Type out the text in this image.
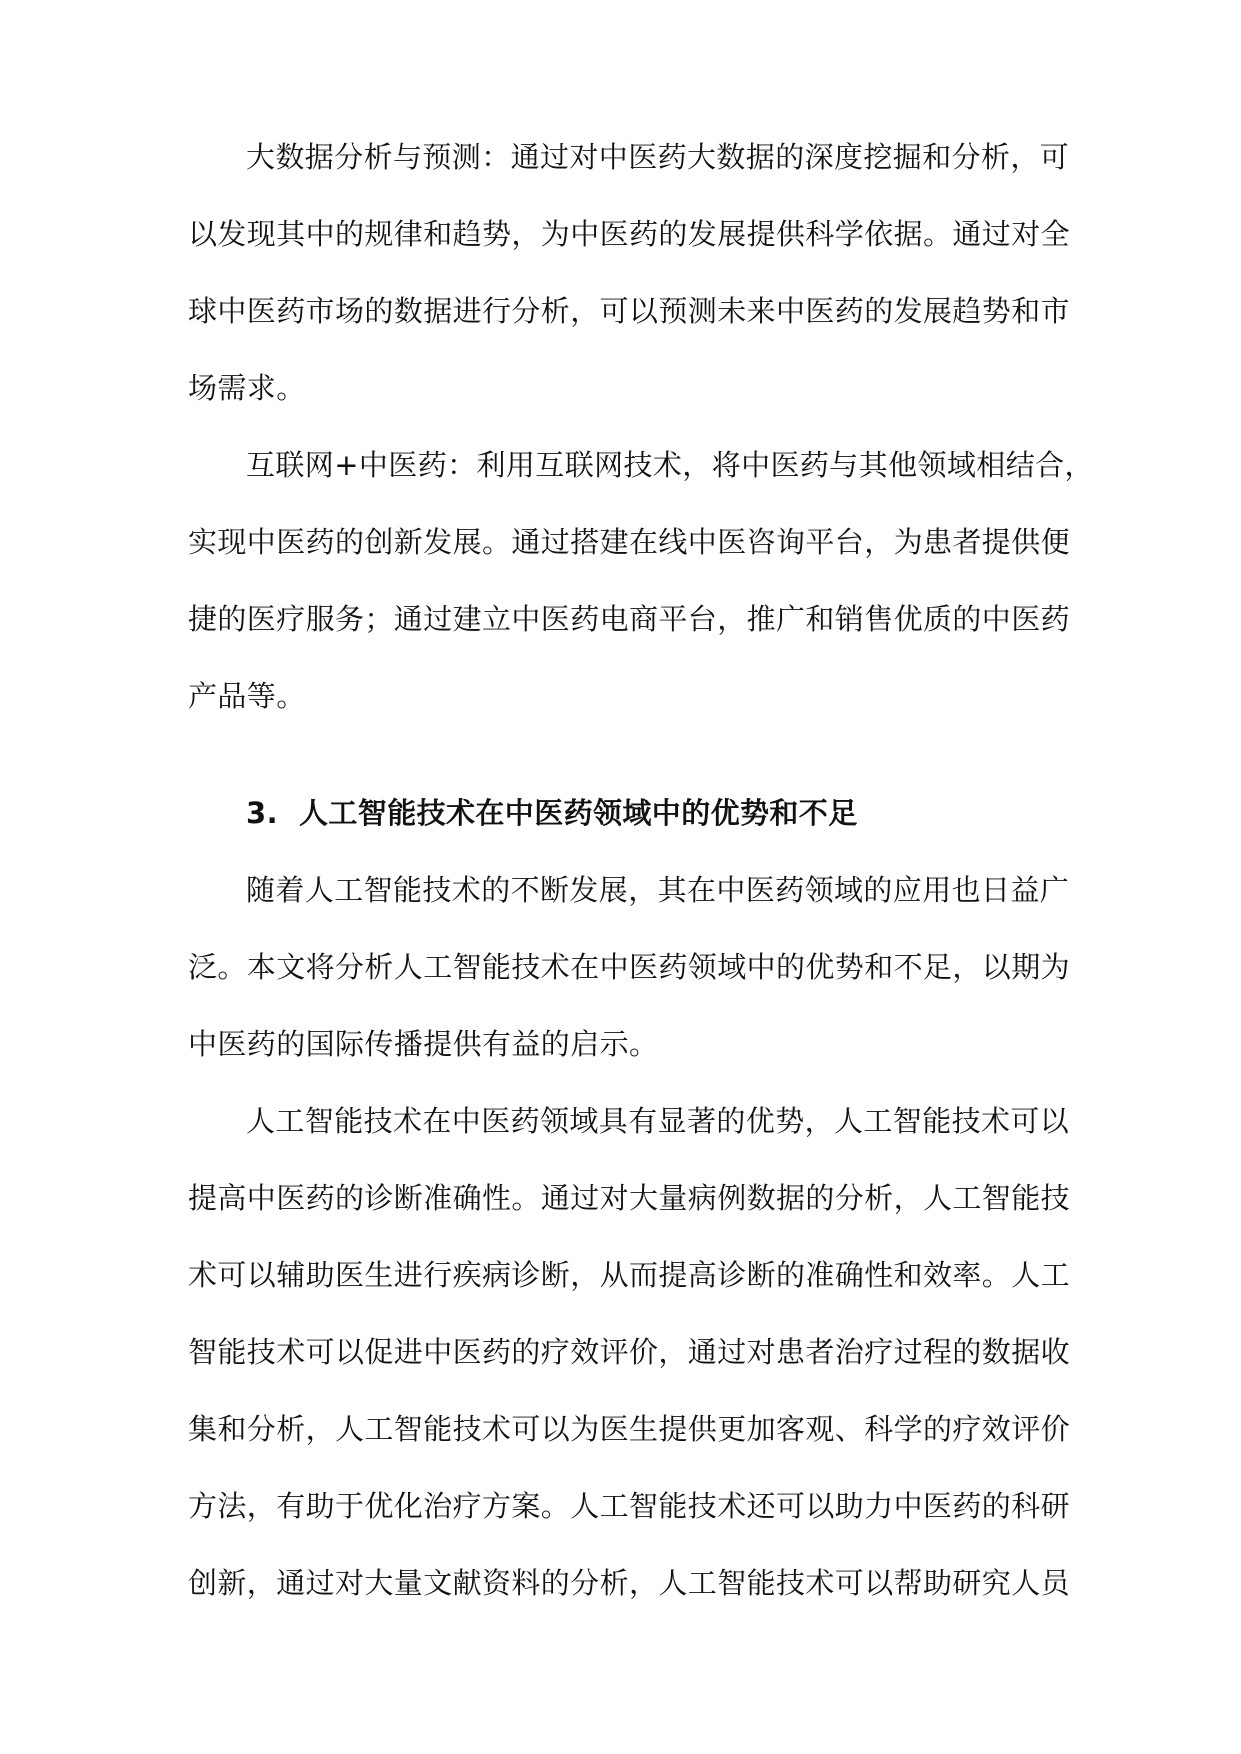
大数据分析与预测：通过对中医药大数据的深度挖掘和分析，可
以发现其中的规律和趋势，为中医药的发展提供科学依据。通过对全
球中医药市场的数据进行分析，可以预测未来中医药的发展趋势和市
场需求。
互联网+中医药：利用互联网技术，将中医药与其他领域相结合，
实现中医药的创新发展。通过搭建在线中医咨询平台，为患者提供便
捷的医疗服务；通过建立中医药电商平台，推广和销售优质的中医药
产品等。
3. 人工智能技术在中医药领域中的优势和不足
随着人工智能技术的不断发展，其在中医药领域的应用也日益广
泛。本文将分析人工智能技术在中医药领域中的优势和不足，以期为
中医药的国际传播提供有益的启示。
人工智能技术在中医药领域具有显著的优势，人工智能技术可以
提高中医药的诊断准确性。通过对大量病例数据的分析，人工智能技
术可以辅助医生进行疾病诊断，从而提高诊断的准确性和效率。人工
智能技术可以促进中医药的疗效评价，通过对患者治疗过程的数据收
集和分析，人工智能技术可以为医生提供更加客观、科学的疗效评价
方法，有助于优化治疗方案。人工智能技术还可以助力中医药的科研
创新，通过对大量文献资料的分析，人工智能技术可以帮助研究人员
